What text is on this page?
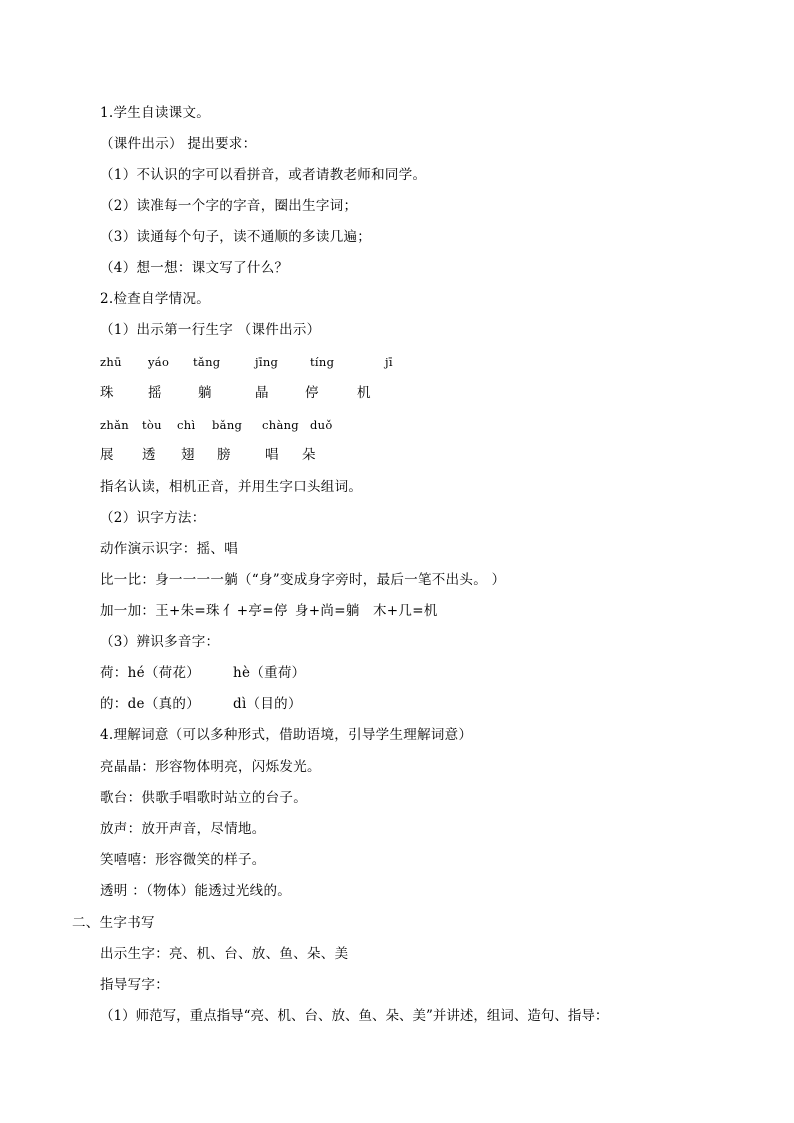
1.学生自读课文。
（课件出示） 提出要求：
（1）不认识的字可以看拼音，或者请教老师和同学。
（2）读准每一个字的字音，圈出生字词；
（3）读通每个句子，读不通顺的多读几遍；
（4）想一想：课文写了什么？
2.检查自学情况。
（1）出示第一行生字 （课件出示）
zhū yáo tǎng	jīng	tíng	jī
珠	摇	躺	晶	停	机
zhǎn tòu chì bǎng chàng duǒ
展 透 翅 膀	唱 朵
指名认读，相机正音，并用生字口头组词。
（2）识字方法：
动作演示识字：摇、唱
比一比：身一一一一躺（“身”变成身字旁时，最后一笔不出头。 ）
加一加：王+朱=珠 亻+亭=停 身+尚=躺 木+几=机
（3）辨识多音字：
荷：hé（荷花） hè（重荷）
的：de（真的） dì（目的）
4.理解词意（可以多种形式，借助语境，引导学生理解词意）
亮晶晶：形容物体明亮，闪烁发光。
歌台：供歌手唱歌时站立的台子。
放声：放开声音，尽情地。
笑嘻嘻：形容微笑的样子。
透明 ：（物体）能透过光线的。
二、生字书写
出示生字：亮、机、台、放、鱼、朵、美
指导写字：
（1）师范写，重点指导“亮、机、台、放、鱼、朵、美”并讲述，组词、造句、指导：
